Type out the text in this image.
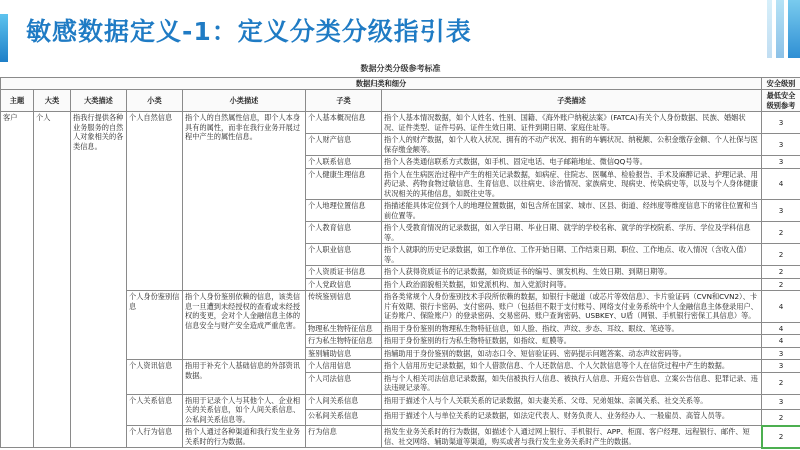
敏感数据定义-1：定义分类分级指引表
数据分类分级参考标准							
数据归类和细分							安全级别
主题	大类	大类描述	小类	小类描述	子类	子类描述	最低安全级别参考
客户	个人	指我行提供各种业务服务的自然人对象相关的各类信息。	个人自然信息	指个人的自然属性信息，即个人本身具有的属性，而非在我行业务开展过程中产生的属性信息。	个人基本概况信息	指个人基本情况数据，如个人姓名、性别、国籍、《海外账户纳税法案》(FATCA)有关个人身份数据、民族、婚姻状况、证件类型、证件号码、证件生效日期、证件到期日期、家庭住址等。	3
					个人财产信息	指个人的财产数据，如个人收入状况、拥有的不动产状况、拥有的车辆状况、纳税额、公积金缴存金额、个人社保与医保存缴金额等。	3
					个人联系信息	指个人各类通信联系方式数据，如手机、固定电话、电子邮箱地址、微信QQ号等。	3
					个人健康生理信息	指个人在生病医治过程中产生的相关记录数据，如病症、住院志、医嘱单、检验报告、手术及麻醉记录、护理记录、用药记录、药物食物过敏信息、生育信息、以往病史、诊治情况、家族病史、现病史、传染病史等，以及与个人身体健康状况相关的其他信息，如既往史等。	4
					个人地理位置信息	指描述能具体定位到个人的地理位置数据，如包含所在国家、城市、区县、街道、经纬度等维度信息下的常住位置和当前位置等。	3
					个人教育信息	指个人受教育情况的记录数据，如入学日期、毕业日期、就学的学校名称、就学的学校院系、学历、学位及学科信息等。	2
					个人职业信息	指个人就职的历史记录数据，如工作单位、工作开始日期、工作结束日期、职位、工作地点、收入情况（含收入值）等。	2
					个人资质证书信息	指个人获得资质证书的记录数据，如资质证书的编号、颁发机构、生效日期、到期日期等。	2
					个人党政信息	指个人政治面貌相关数据，如党派机构、加入党派时间等。	2
			个人身份鉴别信息	指个人身份鉴别依赖的信息，该类信息一旦遭到未经授权的查看或未经授权的变更，会对个人金融信息主体的信息安全与财产安全造成严重危害。	传统鉴别信息	指各类常规个人身份鉴别技术手段所依赖的数据，如银行卡磁道（或芯片等效信息）、卡片验证码（CVN和CVN2）、卡片有效期、银行卡密码、支付密码、账户（包括但不限于支付账号、网络支付业务系统中个人金融信息主体登录用户、证券账户、保险账户）的登录密码、交易密码、账户查询密码、USBKEY、U盾（网银、手机银行密保工具信息）等。	4
					物理私生物特征信息	指用于身份鉴别的物理私生物特征信息，如人脸、指纹、声纹、步态、耳纹、眼纹、笔迹等。	4
					行为私生物特征信息	指用于身份鉴别的行为私生物特征数据，如指纹、虹膜等。	4
					鉴别辅助信息	指辅助用于身份鉴别的数据，如动态口令、短信验证码、密码提示问题答案、动态声纹密码等。	3
			个人资讯信息	指用于补充个人基础信息的外部资讯数据。	个人信用信息	指个人信用历史记录数据，如个人借款信息、个人还款信息、个人欠款信息等个人在信贷过程中产生的数据。	3
					个人司法信息	指与个人相关司法信息记录数据，如失信被执行人信息、被执行人信息、开庭公告信息、立案公告信息、犯罪记录、违法违规记录等。	2
			个人关系信息	指用于记录个人与其他个人、企业相关的关系信息，如个人间关系信息、公私间关系信息等。	个人间关系信息	指用于描述个人与个人关联关系的记录数据，如夫妻关系、父母、兄弟姐妹、亲属关系、社交关系等。	3
					公私间关系信息	指用于描述个人与单位关系的记录数据，如法定代表人、财务负责人、业务经办人、一般雇员、高管人员等。	2
			个人行为信息	指个人通过各种渠道和我行发生业务关系时的行为数据。	行为信息	指发生业务关系时的行为数据，如描述个人通过网上银行、手机银行、APP、柜面、客户经理、远程银行、邮件、短信、社交网络、辅助渠道等渠道，购买或者与我行发生业务关系时产生的数据。	2
